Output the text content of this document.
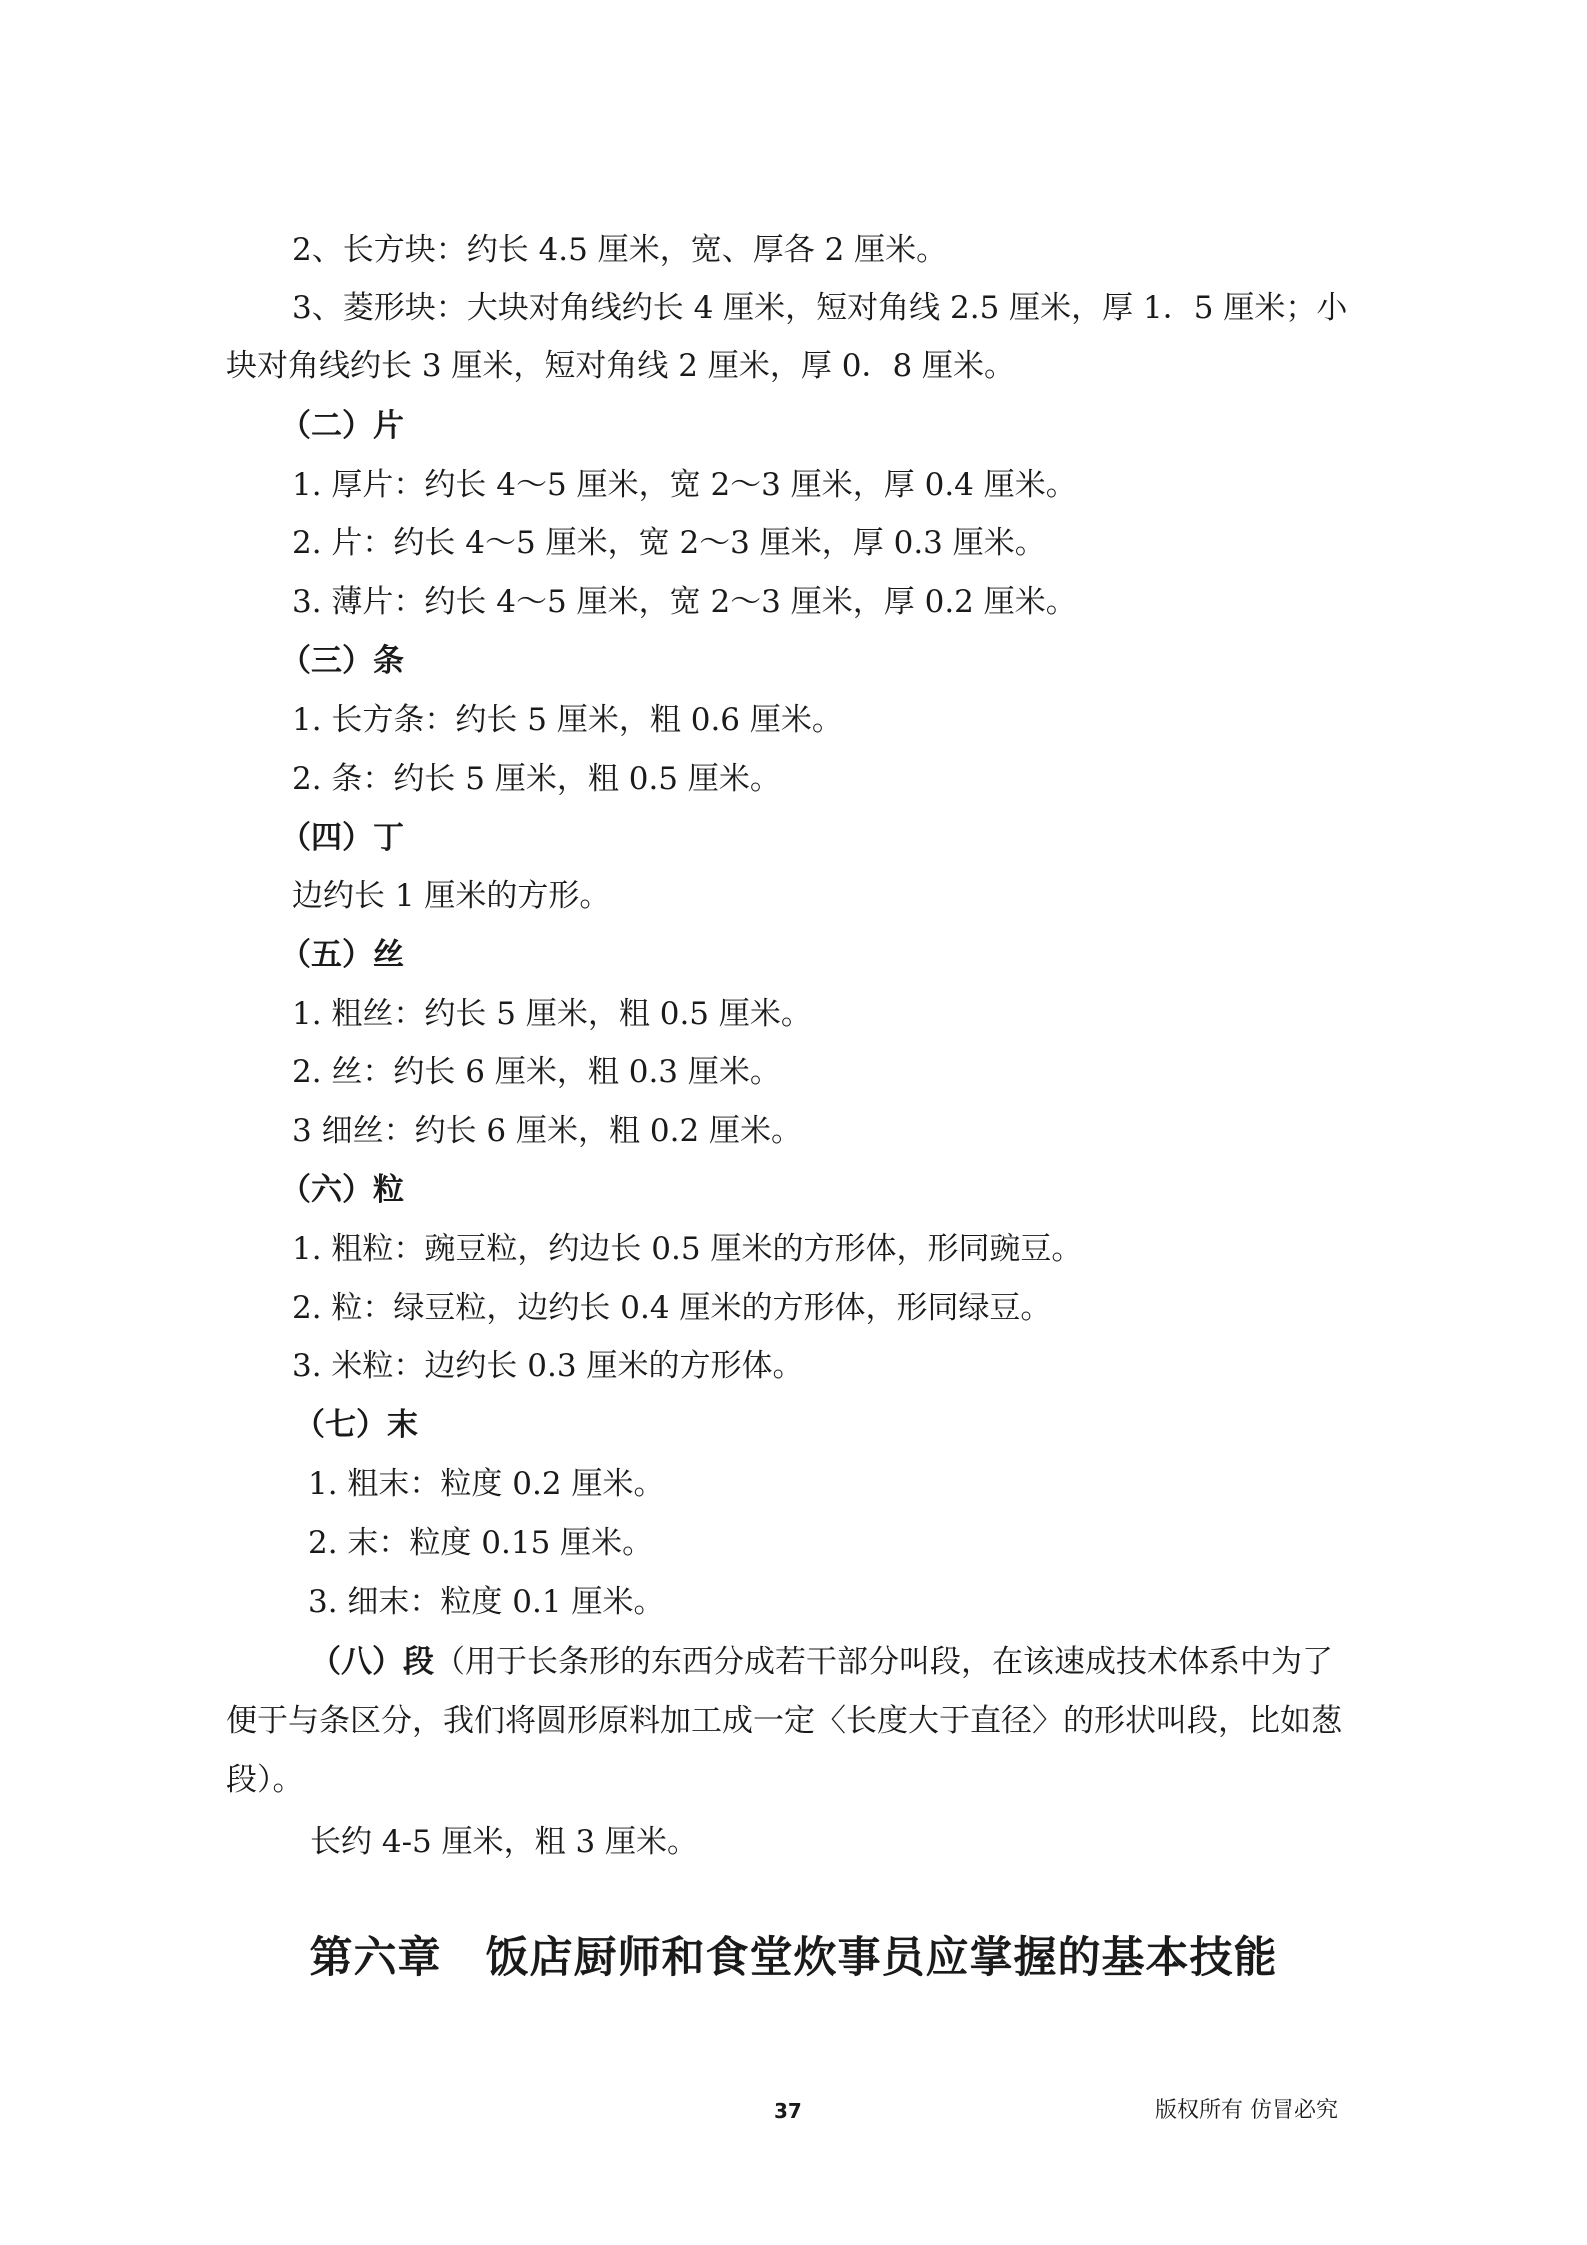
2、长方块：约长 4.5 厘米，宽、厚各 2 厘米。
3、菱形块：大块对角线约长 4 厘米，短对角线 2.5 厘米，厚 1．5 厘米；小
块对角线约长 3 厘米，短对角线 2 厘米，厚 0．8 厘米。
（二）片
1. 厚片：约长 4～5 厘米，宽 2～3 厘米，厚 0.4 厘米。
2. 片：约长 4～5 厘米，宽 2～3 厘米，厚 0.3 厘米。
3. 薄片：约长 4～5 厘米，宽 2～3 厘米，厚 0.2 厘米。
（三）条
1. 长方条：约长 5 厘米，粗 0.6 厘米。
2. 条：约长 5 厘米，粗 0.5 厘米。
（四）丁
边约长 1 厘米的方形。
（五）丝
1. 粗丝：约长 5 厘米，粗 0.5 厘米。
2. 丝：约长 6 厘米，粗 0.3 厘米。
3 细丝：约长 6 厘米，粗 0.2 厘米。
（六）粒
1. 粗粒：豌豆粒，约边长 0.5 厘米的方形体，形同豌豆。
2. 粒：绿豆粒，边约长 0.4 厘米的方形体，形同绿豆。
3. 米粒：边约长 0.3 厘米的方形体。
（七）末
1. 粗末：粒度 0.2 厘米。
2. 末：粒度 0.15 厘米。
3. 细末：粒度 0.1 厘米。
（八）段（用于长条形的东西分成若干部分叫段，在该速成技术体系中为了
便于与条区分，我们将圆形原料加工成一定〈长度大于直径〉的形状叫段，比如葱
段）。
长约 4-5 厘米，粗 3 厘米。
第六章　饭店厨师和食堂炊事员应掌握的基本技能
37	版权所有 仿冒必究
